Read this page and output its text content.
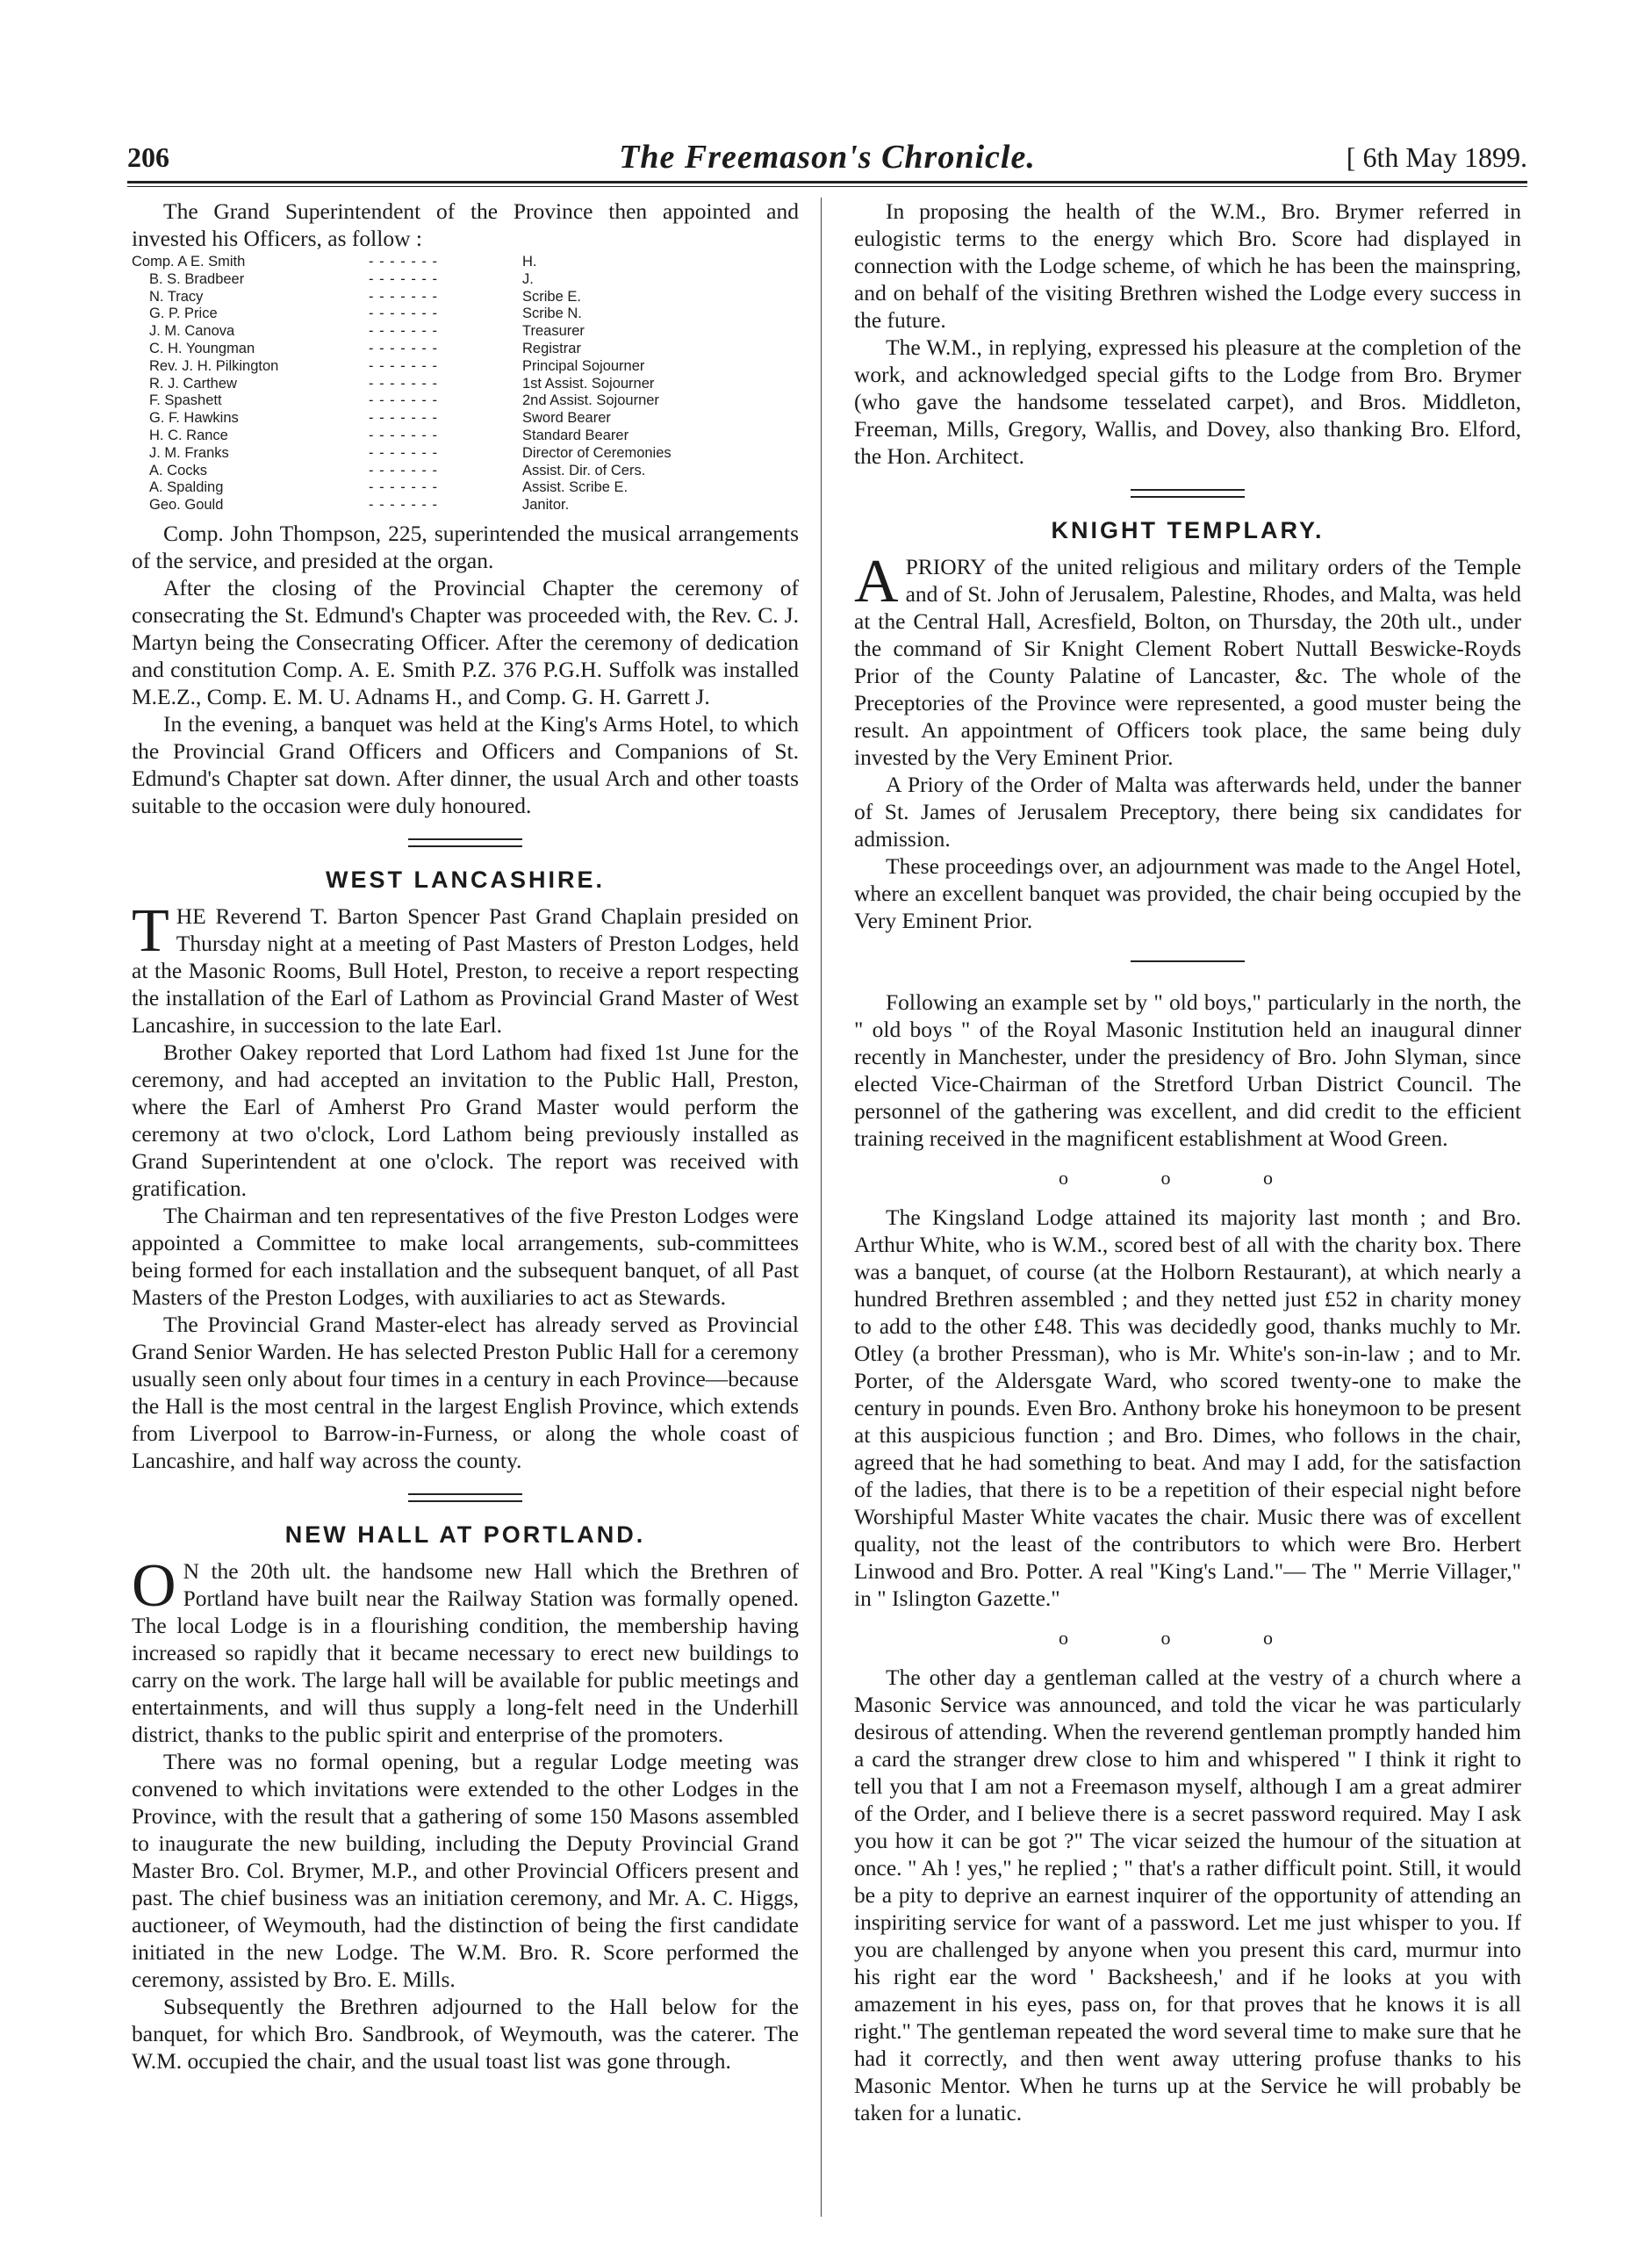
206	The Freemason's Chronicle.	[ 6th May 1899.

The Grand Superintendent of the Province then appointed and invested his Officers, as follow :

Comp. A E. Smith	- - - - - - -	H.
B. S. Bradbeer	- - - - - - -	J.
N. Tracy	- - - - - - -	Scribe E.
G. P. Price	- - - - - - -	Scribe N.
J. M. Canova	- - - - - - -	Treasurer
C. H. Youngman	- - - - - - -	Registrar
Rev. J. H. Pilkington	- - - - - - -	Principal Sojourner
R. J. Carthew	- - - - - - -	1st Assist. Sojourner
F. Spashett	- - - - - - -	2nd Assist. Sojourner
G. F. Hawkins	- - - - - - -	Sword Bearer
H. C. Rance	- - - - - - -	Standard Bearer
J. M. Franks	- - - - - - -	Director of Ceremonies
A. Cocks	- - - - - - -	Assist. Dir. of Cers.
A. Spalding	- - - - - - -	Assist. Scribe E.
Geo. Gould	- - - - - - -	Janitor.

Comp. John Thompson, 225, superintended the musical arrangements of the service, and presided at the organ.

After the closing of the Provincial Chapter the ceremony of consecrating the St. Edmund's Chapter was proceeded with, the Rev. C. J. Martyn being the Consecrating Officer. After the ceremony of dedication and constitution Comp. A. E. Smith P.Z. 376 P.G.H. Suffolk was installed M.E.Z., Comp. E. M. U. Adnams H., and Comp. G. H. Garrett J.

In the evening, a banquet was held at the King's Arms Hotel, to which the Provincial Grand Officers and Officers and Companions of St. Edmund's Chapter sat down. After dinner, the usual Arch and other toasts suitable to the occasion were duly honoured.

WEST LANCASHIRE.

THE Reverend T. Barton Spencer Past Grand Chaplain presided on Thursday night at a meeting of Past Masters of Preston Lodges, held at the Masonic Rooms, Bull Hotel, Preston, to receive a report respecting the installation of the Earl of Lathom as Provincial Grand Master of West Lancashire, in succession to the late Earl.

Brother Oakey reported that Lord Lathom had fixed 1st June for the ceremony, and had accepted an invitation to the Public Hall, Preston, where the Earl of Amherst Pro Grand Master would perform the ceremony at two o'clock, Lord Lathom being previously installed as Grand Superintendent at one o'clock. The report was received with gratification.

The Chairman and ten representatives of the five Preston Lodges were appointed a Committee to make local arrangements, sub-committees being formed for each installation and the subsequent banquet, of all Past Masters of the Preston Lodges, with auxiliaries to act as Stewards.

The Provincial Grand Master-elect has already served as Provincial Grand Senior Warden. He has selected Preston Public Hall for a ceremony usually seen only about four times in a century in each Province—because the Hall is the most central in the largest English Province, which extends from Liverpool to Barrow-in-Furness, or along the whole coast of Lancashire, and half way across the county.

NEW HALL AT PORTLAND.

O N the 20th ult. the handsome new Hall which the Brethren of Portland have built near the Railway Station was formally opened. The local Lodge is in a flourishing condition, the membership having increased so rapidly that it became necessary to erect new buildings to carry on the work. The large hall will be available for public meetings and entertainments, and will thus supply a long-felt need in the Underhill district, thanks to the public spirit and enterprise of the promoters.

There was no formal opening, but a regular Lodge meeting was convened to which invitations were extended to the other Lodges in the Province, with the result that a gathering of some 150 Masons assembled to inaugurate the new building, including the Deputy Provincial Grand Master Bro. Col. Brymer, M.P., and other Provincial Officers present and past. The chief business was an initiation ceremony, and Mr. A. C. Higgs, auctioneer, of Weymouth, had the distinction of being the first candidate initiated in the new Lodge. The W.M. Bro. R. Score performed the ceremony, assisted by Bro. E. Mills.

Subsequently the Brethren adjourned to the Hall below for the banquet, for which Bro. Sandbrook, of Weymouth, was the caterer. The W.M. occupied the chair, and the usual toast list was gone through.

In proposing the health of the W.M., Bro. Brymer referred in eulogistic terms to the energy which Bro. Score had displayed in connection with the Lodge scheme, of which he has been the mainspring, and on behalf of the visiting Brethren wished the Lodge every success in the future.

The W.M., in replying, expressed his pleasure at the completion of the work, and acknowledged special gifts to the Lodge from Bro. Brymer (who gave the handsome tesselated carpet), and Bros. Middleton, Freeman, Mills, Gregory, Wallis, and Dovey, also thanking Bro. Elford, the Hon. Architect.

KNIGHT TEMPLARY.

APRIORY of the united religious and military orders of the Temple and of St. John of Jerusalem, Palestine, Rhodes, and Malta, was held at the Central Hall, Acresfield, Bolton, on Thursday, the 20th ult., under the command of Sir Knight Clement Robert Nuttall Beswicke-Royds Prior of the County Palatine of Lancaster, &c. The whole of the Preceptories of the Province were represented, a good muster being the result. An appointment of Officers took place, the same being duly invested by the Very Eminent Prior.

A Priory of the Order of Malta was afterwards held, under the banner of St. James of Jerusalem Preceptory, there being six candidates for admission.

These proceedings over, an adjournment was made to the Angel Hotel, where an excellent banquet was provided, the chair being occupied by the Very Eminent Prior.

Following an example set by " old boys," particularly in the north, the " old boys " of the Royal Masonic Institution held an inaugural dinner recently in Manchester, under the presidency of Bro. John Slyman, since elected Vice-Chairman of the Stretford Urban District Council. The personnel of the gathering was excellent, and did credit to the efficient training received in the magnificent establishment at Wood Green.

o o o

The Kingsland Lodge attained its majority last month ; and Bro. Arthur White, who is W.M., scored best of all with the charity box. There was a banquet, of course (at the Holborn Restaurant), at which nearly a hundred Brethren assembled ; and they netted just £52 in charity money to add to the other £48. This was decidedly good, thanks muchly to Mr. Otley (a brother Pressman), who is Mr. White's son-in-law ; and to Mr. Porter, of the Aldersgate Ward, who scored twenty-one to make the century in pounds. Even Bro. Anthony broke his honeymoon to be present at this auspicious function ; and Bro. Dimes, who follows in the chair, agreed that he had something to beat. And may I add, for the satisfaction of the ladies, that there is to be a repetition of their especial night before Worshipful Master White vacates the chair. Music there was of excellent quality, not the least of the contributors to which were Bro. Herbert Linwood and Bro. Potter. A real "King's Land."— The " Merrie Villager," in " Islington Gazette."

o o o

The other day a gentleman called at the vestry of a church where a Masonic Service was announced, and told the vicar he was particularly desirous of attending. When the reverend gentleman promptly handed him a card the stranger drew close to him and whispered " I think it right to tell you that I am not a Freemason myself, although I am a great admirer of the Order, and I believe there is a secret password required. May I ask you how it can be got ?" The vicar seized the humour of the situation at once. " Ah ! yes," he replied ; " that's a rather difficult point. Still, it would be a pity to deprive an earnest inquirer of the opportunity of attending an inspiriting service for want of a password. Let me just whisper to you. If you are challenged by anyone when you present this card, murmur into his right ear the word ' Backsheesh,' and if he looks at you with amazement in his eyes, pass on, for that proves that he knows it is all right." The gentleman repeated the word several time to make sure that he had it correctly, and then went away uttering profuse thanks to his Masonic Mentor. When he turns up at the Service he will probably be taken for a lunatic.
